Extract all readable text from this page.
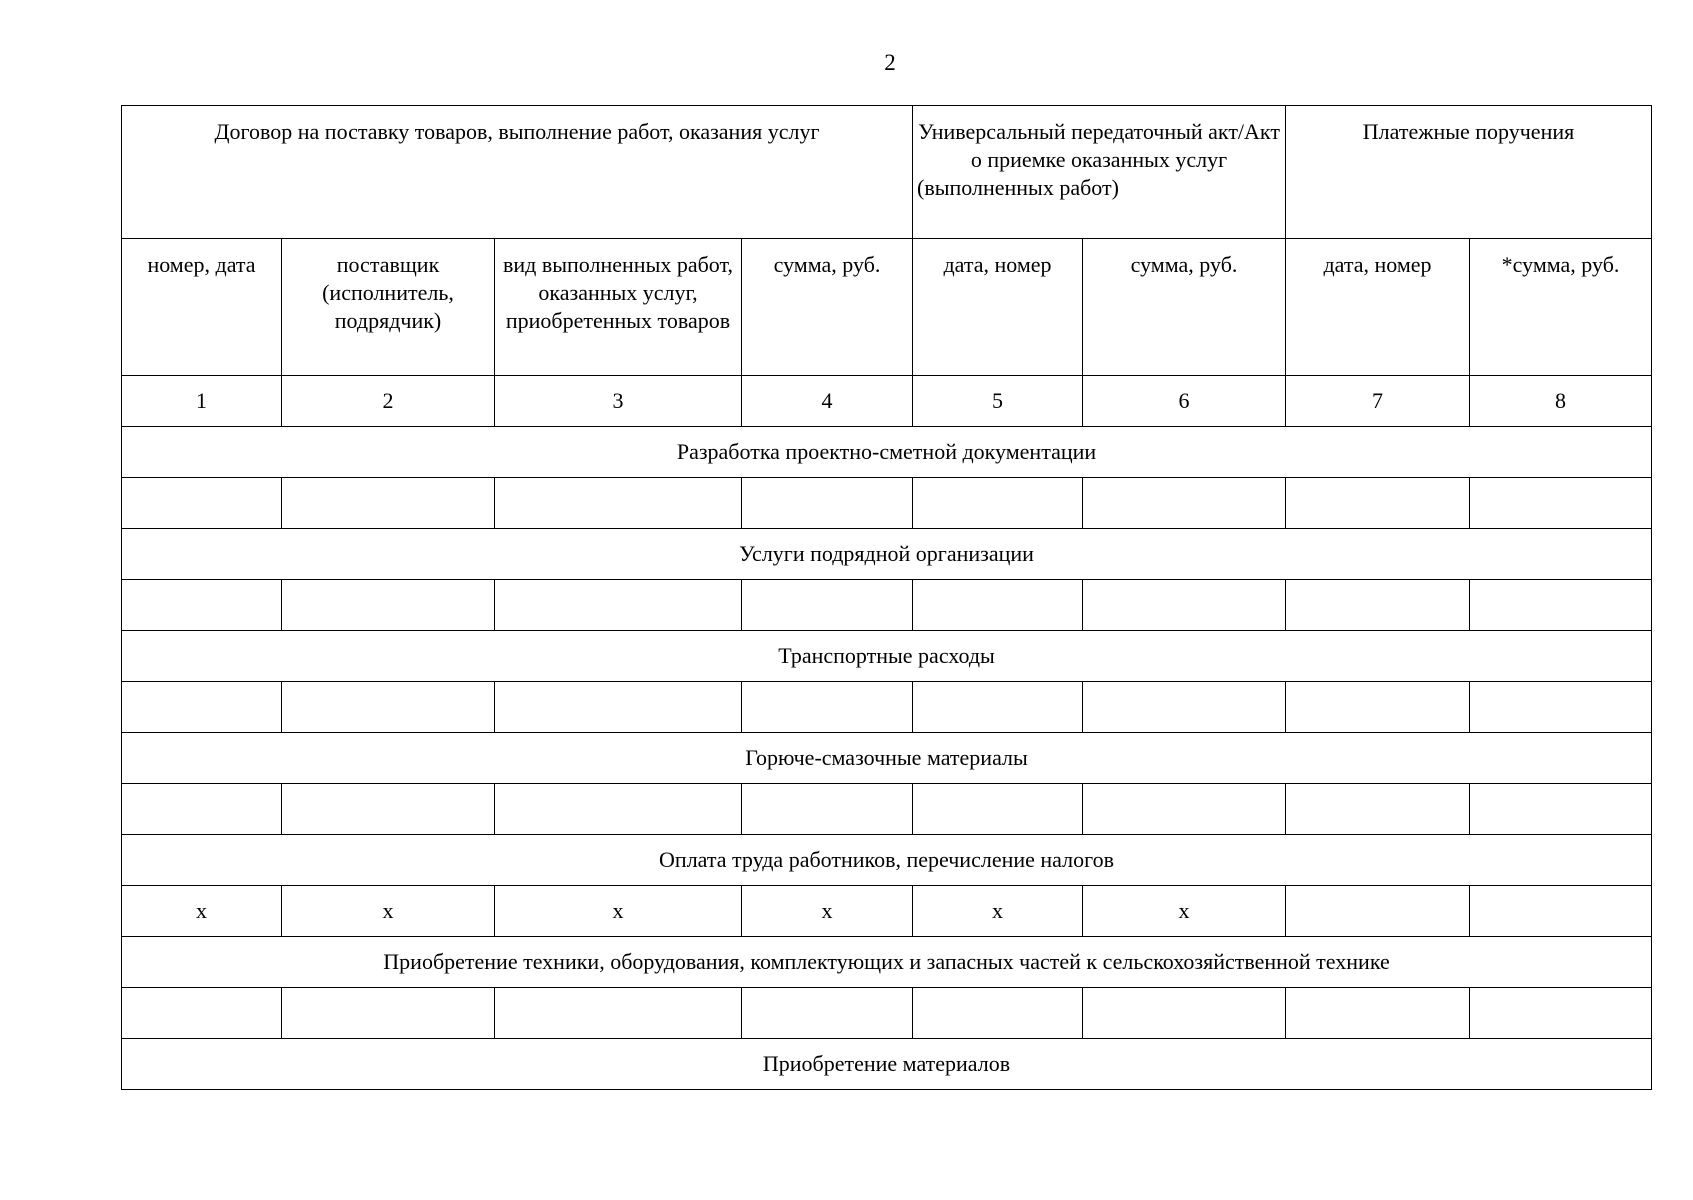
2
Договор на поставку товаров, выполнение работ, оказания услуг				Универсальный передаточный акт/Акт о приемке оказанных услуг (выполненных работ)		Платежные поручения	
номер, дата	поставщик (исполнитель, подрядчик)	вид выполненных работ, оказанных услуг, приобретенных товаров	сумма, руб.	дата, номер	сумма, руб.	дата, номер	*сумма, руб.
1	2	3	4	5	6	7	8
Разработка проектно-сметной документации							

Услуги подрядной организации							

Транспортные расходы							

Горюче-смазочные материалы							

Оплата труда работников, перечисление налогов							
x	x	x	x	x	x		
Приобретение техники, оборудования, комплектующих и запасных частей к сельскохозяйственной технике							

Приобретение материалов							
